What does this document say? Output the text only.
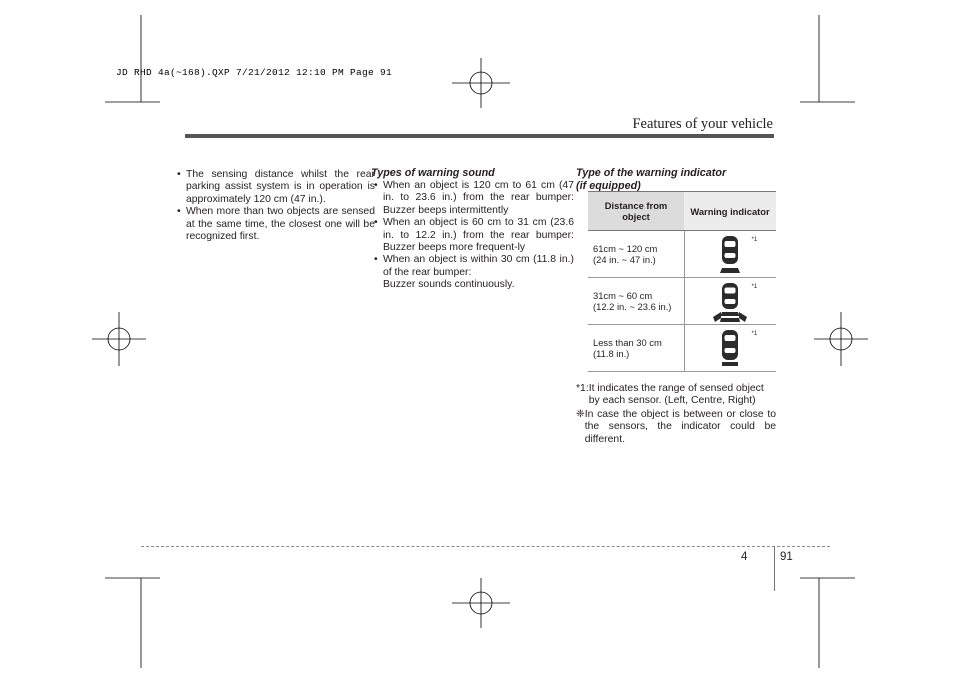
JD RHD 4a(~168).QXP 7/21/2012 12:10 PM Page 91
Features of your vehicle

• The sensing distance whilst the rear parking assist system is in operation is approximately 120 cm (47 in.).

• When more than two objects are sensed at the same time, the closest one will be recognized first.

Types of warning sound

• When an object is 120 cm to 61 cm (47 in. to 23.6 in.) from the rear bumper: Buzzer beeps intermittently

• When an object is 60 cm to 31 cm (23.6 in. to 12.2 in.) from the rear bumper: Buzzer beeps more frequent-ly

• When an object is within 30 cm (11.8 in.) of the rear bumper:

Buzzer sounds continuously.

Type of the warning indicator

(if equipped)

Distance from object	Warning indicator
61cm ~ 120 cm
(24 in. ~ 47 in.)	*1

31cm ~ 60 cm
(12.2 in. ~ 23.6 in.)	*1

Less than 30 cm
(11.8 in.)	*1
*1: It indicates the range of sensed object by each sensor. (Left, Centre, Right)
❈ In case the object is between or close to the sensors, the indicator could be different.
4	91
